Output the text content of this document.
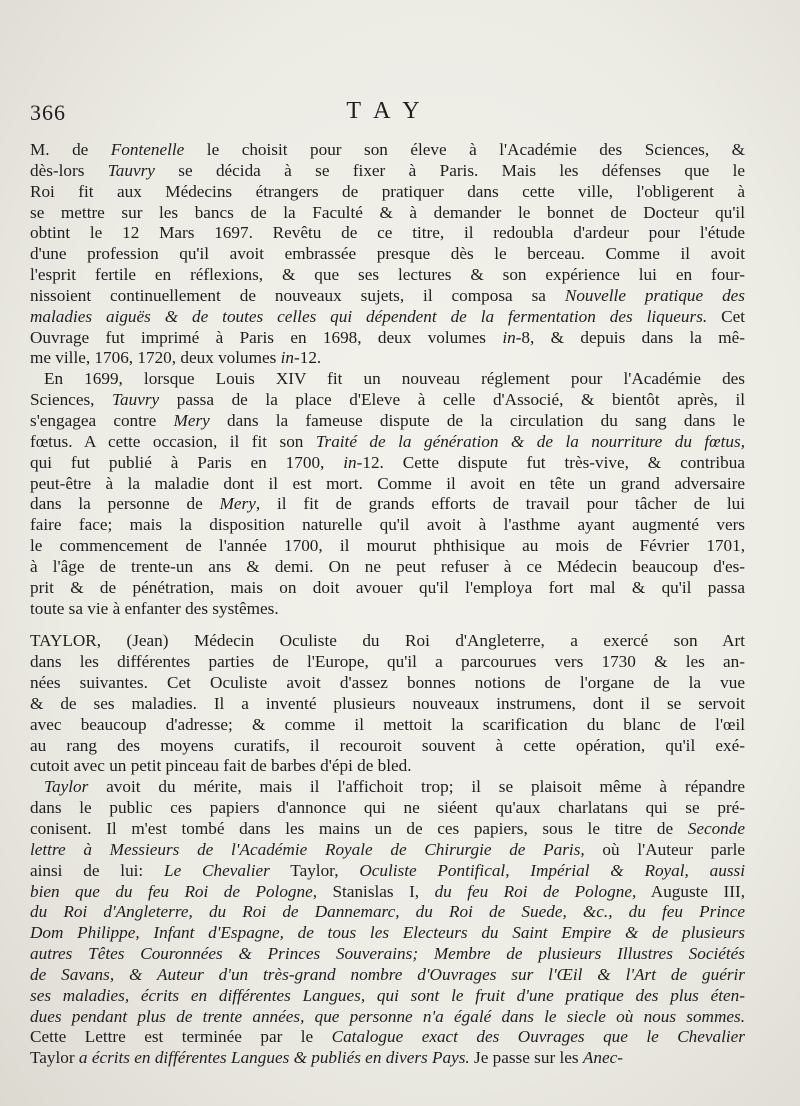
366	TAY

M. de Fontenelle le choisit pour son éleve à l'Académie des Sciences, &
dès-lors Tauvry se décida à se fixer à Paris. Mais les défenses que le
Roi fit aux Médecins étrangers de pratiquer dans cette ville, l'obligerent à
se mettre sur les bancs de la Faculté & à demander le bonnet de Docteur qu'il
obtint le 12 Mars 1697. Revêtu de ce titre, il redoubla d'ardeur pour l'étude
d'une profession qu'il avoit embrassée presque dès le berceau. Comme il avoit
l'esprit fertile en réflexions, & que ses lectures & son expérience lui en four-
nissoient continuellement de nouveaux sujets, il composa sa Nouvelle pratique des
maladies aiguës & de toutes celles qui dépendent de la fermentation des liqueurs. Cet
Ouvrage fut imprimé à Paris en 1698, deux volumes in-8, & depuis dans la mê-
me ville, 1706, 1720, deux volumes in-12.

En 1699, lorsque Louis XIV fit un nouveau réglement pour l'Académie des
Sciences, Tauvry passa de la place d'Eleve à celle d'Associé, & bientôt après, il
s'engagea contre Mery dans la fameuse dispute de la circulation du sang dans le
fœtus. A cette occasion, il fit son Traité de la génération & de la nourriture du fœtus,
qui fut publié à Paris en 1700, in-12. Cette dispute fut très-vive, & contribua
peut-être à la maladie dont il est mort. Comme il avoit en tête un grand adversaire
dans la personne de Mery, il fit de grands efforts de travail pour tâcher de lui
faire face; mais la disposition naturelle qu'il avoit à l'asthme ayant augmenté vers
le commencement de l'année 1700, il mourut phthisique au mois de Février 1701,
à l'âge de trente-un ans & demi. On ne peut refuser à ce Médecin beaucoup d'es-
prit & de pénétration, mais on doit avouer qu'il l'employa fort mal & qu'il passa
toute sa vie à enfanter des systêmes.

TAYLOR, (Jean) Médecin Oculiste du Roi d'Angleterre, a exercé son Art
dans les différentes parties de l'Europe, qu'il a parcourues vers 1730 & les an-
nées suivantes. Cet Oculiste avoit d'assez bonnes notions de l'organe de la vue
& de ses maladies. Il a inventé plusieurs nouveaux instrumens, dont il se servoit
avec beaucoup d'adresse; & comme il mettoit la scarification du blanc de l'œil
au rang des moyens curatifs, il recouroit souvent à cette opération, qu'il exé-
cutoit avec un petit pinceau fait de barbes d'épi de bled.

Taylor avoit du mérite, mais il l'affichoit trop; il se plaisoit même à répandre
dans le public ces papiers d'annonce qui ne siéent qu'aux charlatans qui se pré-
conisent. Il m'est tombé dans les mains un de ces papiers, sous le titre de Seconde
lettre à Messieurs de l'Académie Royale de Chirurgie de Paris, où l'Auteur parle
ainsi de lui: Le Chevalier Taylor, Oculiste Pontifical, Impérial & Royal, aussi
bien que du feu Roi de Pologne, Stanislas I, du feu Roi de Pologne, Auguste III,
du Roi d'Angleterre, du Roi de Dannemarc, du Roi de Suede, &c., du feu Prince
Dom Philippe, Infant d'Espagne, de tous les Electeurs du Saint Empire & de plusieurs
autres Têtes Couronnées & Princes Souverains; Membre de plusieurs Illustres Sociétés
de Savans, & Auteur d'un très-grand nombre d'Ouvrages sur l'Œil & l'Art de guérir
ses maladies, écrits en différentes Langues, qui sont le fruit d'une pratique des plus éten-
dues pendant plus de trente années, que personne n'a égalé dans le siecle où nous sommes.
Cette Lettre est terminée par le Catalogue exact des Ouvrages que le Chevalier
Taylor a écrits en différentes Langues & publiés en divers Pays. Je passe sur les Anec-
